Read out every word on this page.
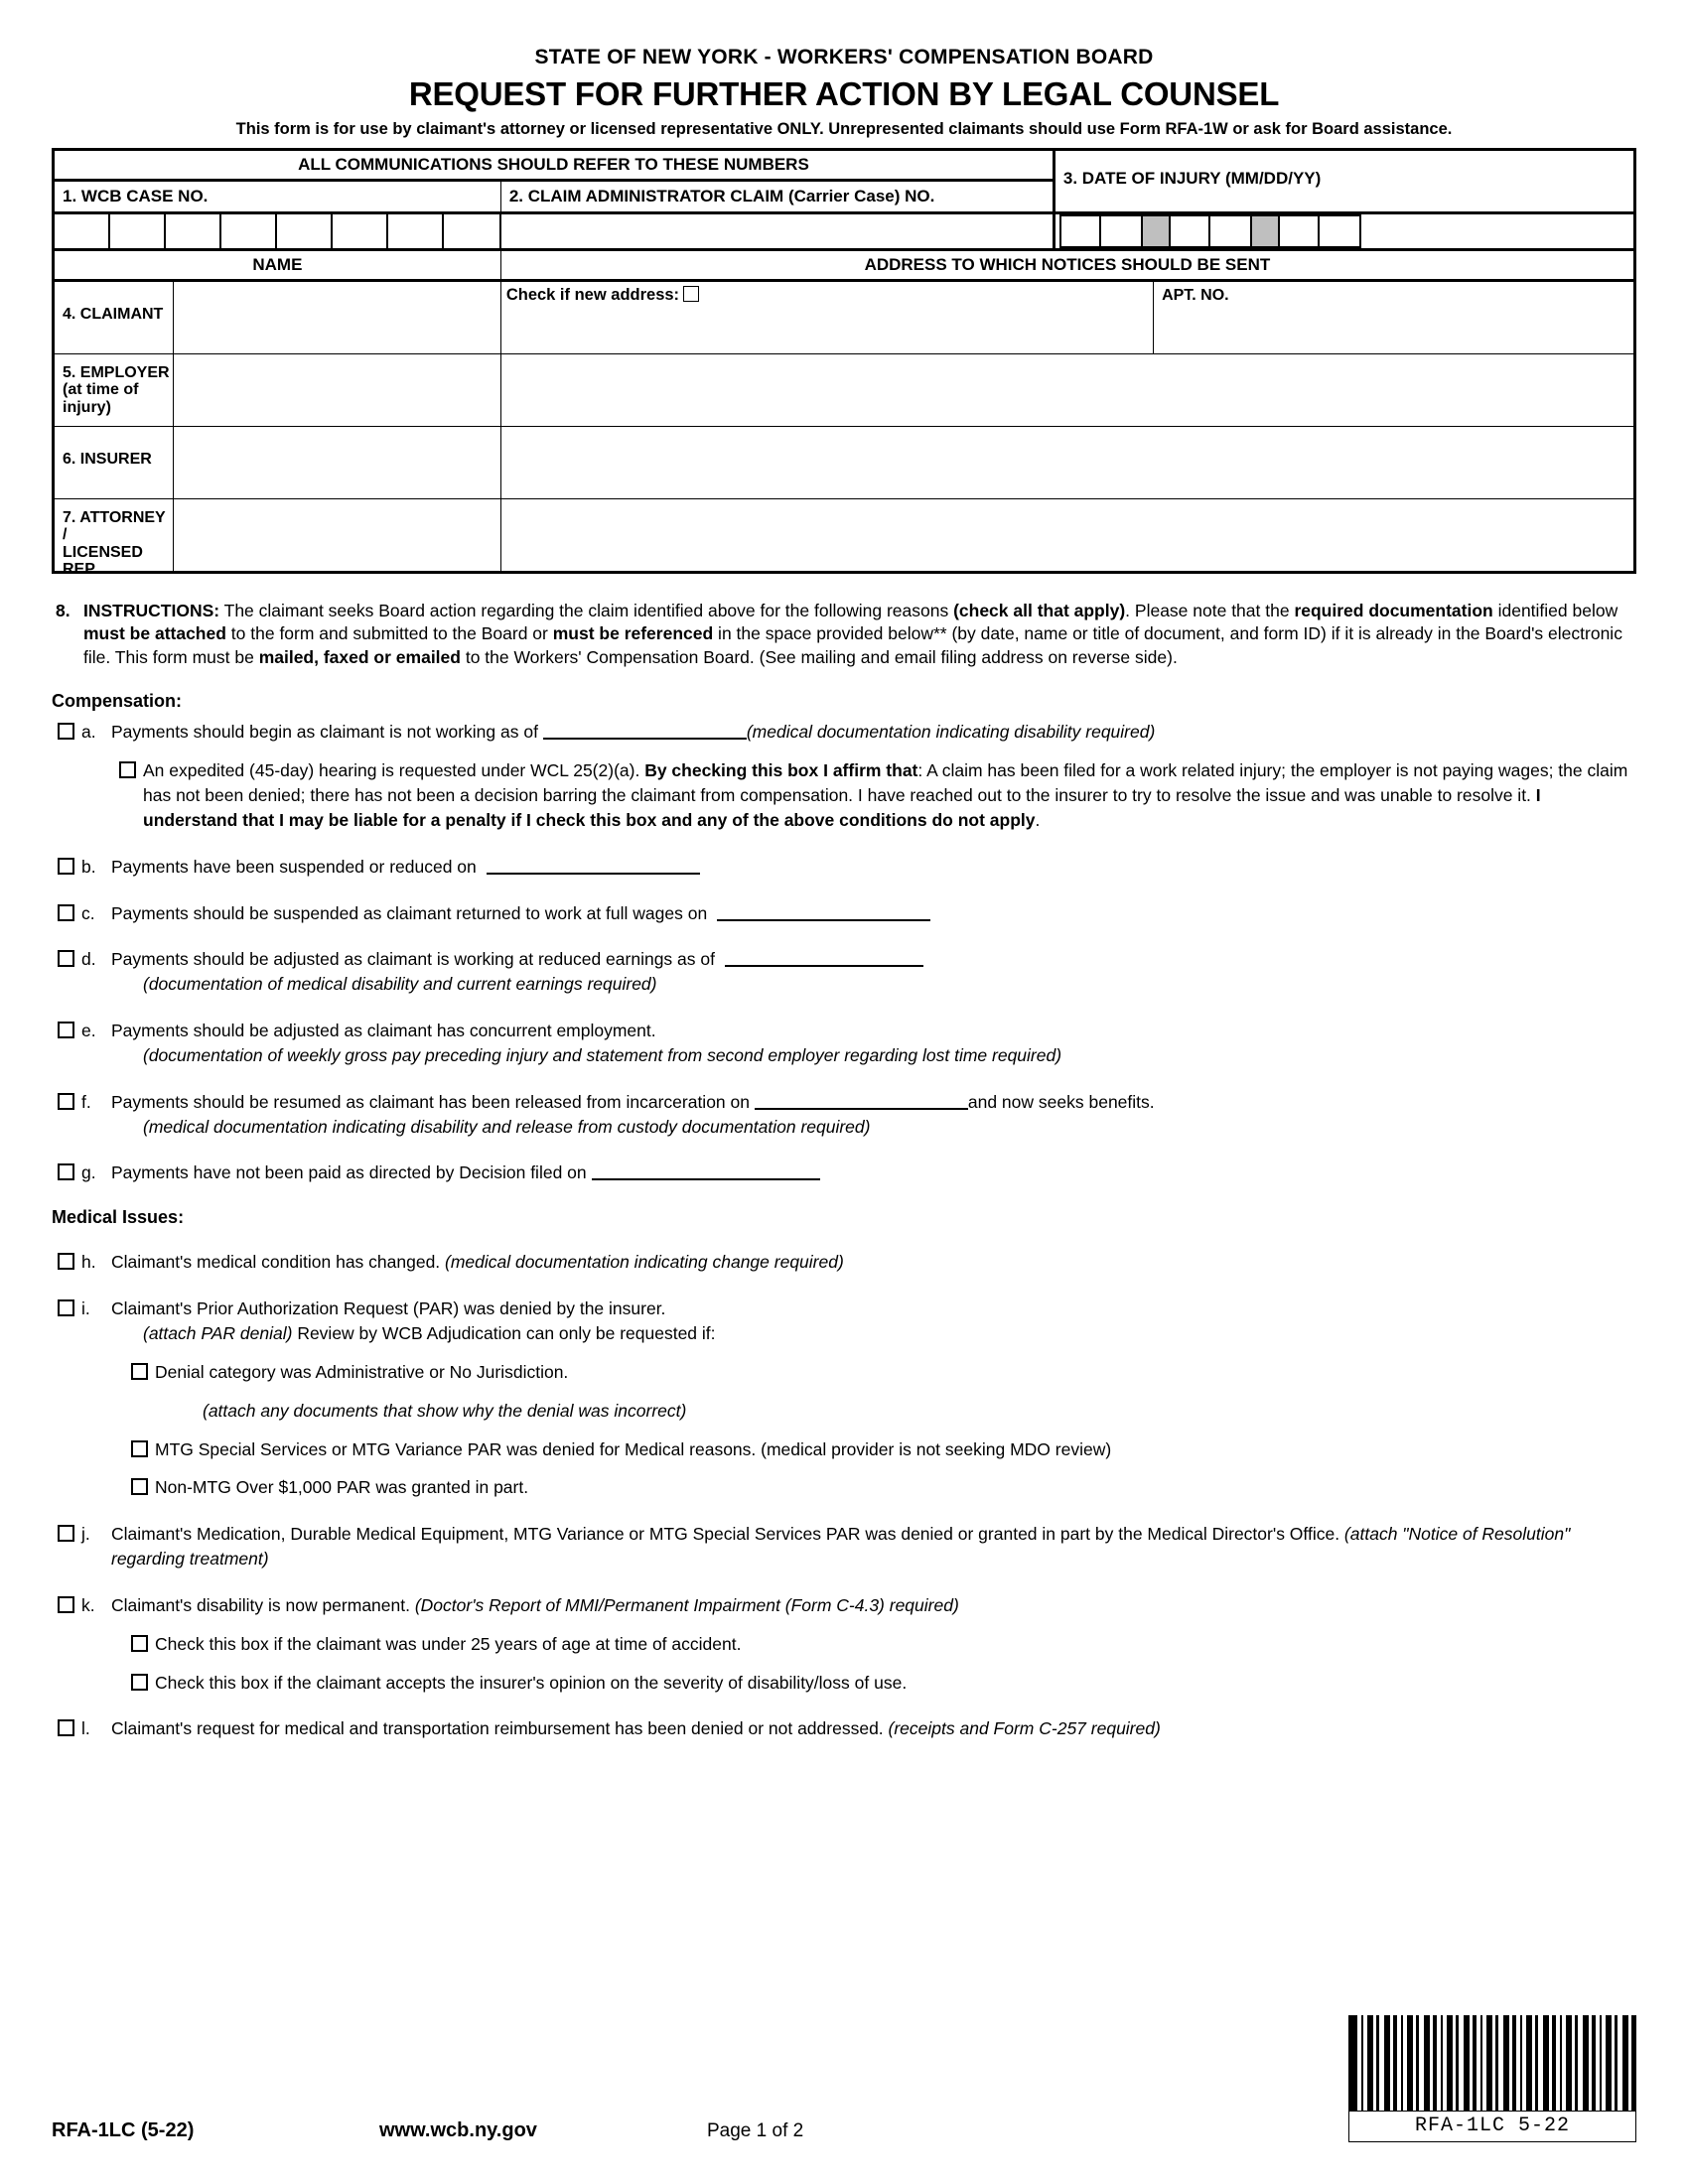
STATE OF NEW YORK - WORKERS' COMPENSATION BOARD
REQUEST FOR FURTHER ACTION BY LEGAL COUNSEL
This form is for use by claimant's attorney or licensed representative ONLY. Unrepresented claimants should use Form RFA-1W or ask for Board assistance.
ALL COMMUNICATIONS SHOULD REFER TO THESE NUMBERS		3. DATE OF INJURY (MM/DD/YY)	

1. WCB CASE NO.	2. CLAIM ADMINISTRATOR CLAIM (Carrier Case) NO.		

NAME	ADDRESS TO WHICH NOTICES SHOULD BE SENT		

4. CLAIMANT	Check if new address:		APT. NO.

5. EMPLOYER
(at time of injury)			

6. INSURER			

7. ATTORNEY /
LICENSED REP.			

8. INSTRUCTIONS: The claimant seeks Board action regarding the claim identified above for the following reasons (check all that apply). Please note that the required documentation identified below must be attached to the form and submitted to the Board or must be referenced in the space provided below** (by date, name or title of document, and form ID) if it is already in the Board's electronic file. This form must be mailed, faxed or emailed to the Workers' Compensation Board. (See mailing and email filing address on reverse side).
Compensation:
a. Payments should begin as claimant is not working as of	(medical documentation indicating disability required)
An expedited (45-day) hearing is requested under WCL 25(2)(a). By checking this box I affirm that: A claim has been filed for a work related injury; the employer is not paying wages; the claim has not been denied; there has not been a decision barring the claimant from compensation. I have reached out to the insurer to try to resolve the issue and was unable to resolve it. I understand that I may be liable for a penalty if I check this box and any of the above conditions do not apply.
b. Payments have been suspended or reduced on
c. Payments should be suspended as claimant returned to work at full wages on
d. Payments should be adjusted as claimant is working at reduced earnings as of
(documentation of medical disability and current earnings required)
e. Payments should be adjusted as claimant has concurrent employment.
(documentation of weekly gross pay preceding injury and statement from second employer regarding lost time required)
f.	Payments should be resumed as claimant has been released from incarceration on	and now seeks benefits.
(medical documentation indicating disability and release from custody documentation required)
g. Payments have not been paid as directed by Decision filed on
Medical Issues:
h. Claimant's medical condition has changed. (medical documentation indicating change required)
i.	Claimant's Prior Authorization Request (PAR) was denied by the insurer.
(attach PAR denial) Review by WCB Adjudication can only be requested if:
Denial category was Administrative or No Jurisdiction.
(attach any documents that show why the denial was incorrect)
MTG Special Services or MTG Variance PAR was denied for Medical reasons. (medical provider is not seeking MDO review)
Non-MTG Over $1,000 PAR was granted in part.
j.	Claimant's Medication, Durable Medical Equipment, MTG Variance or MTG Special Services PAR was denied or granted in part by the Medical Director's Office. (attach "Notice of Resolution" regarding treatment)
k. Claimant's disability is now permanent. (Doctor's Report of MMI/Permanent Impairment (Form C-4.3) required)
Check this box if the claimant was under 25 years of age at time of accident.
Check this box if the claimant accepts the insurer's opinion on the severity of disability/loss of use.
l.	Claimant's request for medical and transportation reimbursement has been denied or not addressed. (receipts and Form C-257 required)
RFA-1LC 5-22
RFA-1LC (5-22)	www.wcb.ny.gov	Page 1 of 2
